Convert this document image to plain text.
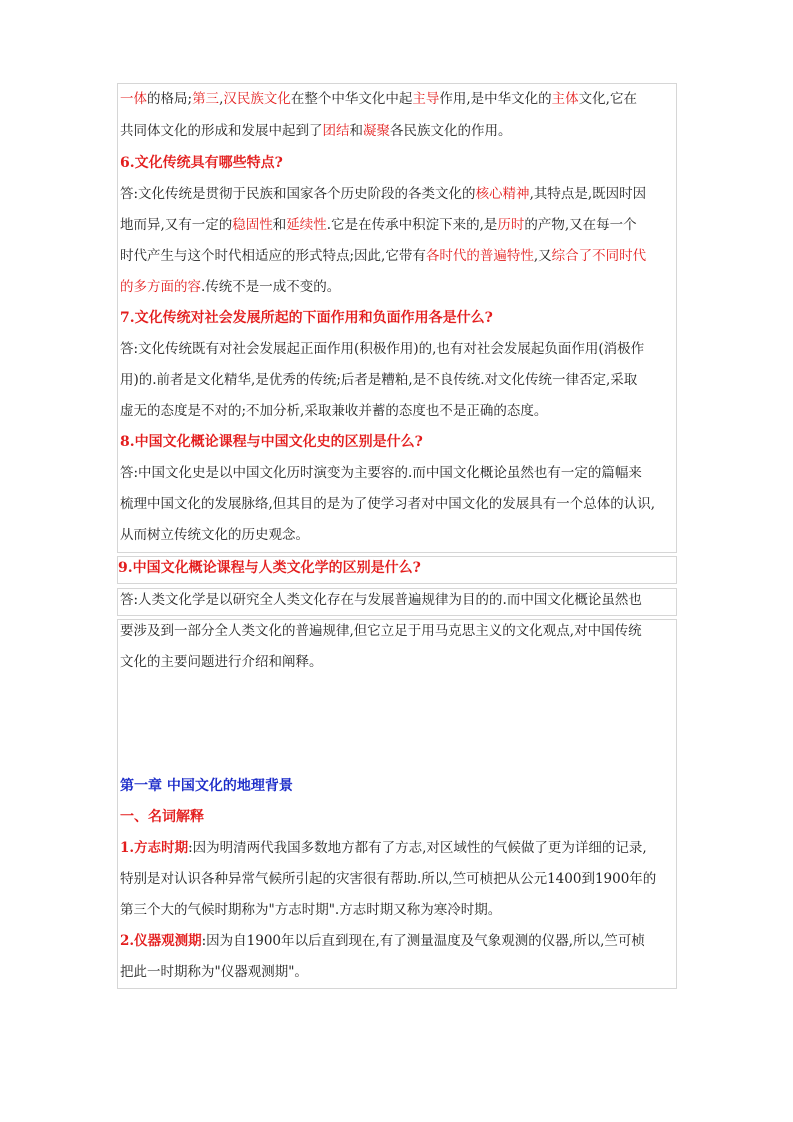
一体的格局;第三,汉民族文化在整个中华文化中起主导作用,是中华文化的主体文化,它在
共同体文化的形成和发展中起到了团结和凝聚各民族文化的作用。
6.文化传统具有哪些特点?
答:文化传统是贯彻于民族和国家各个历史阶段的各类文化的核心精神,其特点是,既因时因
地而异,又有一定的稳固性和延续性.它是在传承中积淀下来的,是历时的产物,又在每一个
时代产生与这个时代相适应的形式特点;因此,它带有各时代的普遍特性,又综合了不同时代
的多方面的容.传统不是一成不变的。
7.文化传统对社会发展所起的下面作用和负面作用各是什么?
答:文化传统既有对社会发展起正面作用(积极作用)的,也有对社会发展起负面作用(消极作
用)的.前者是文化精华,是优秀的传统;后者是糟粕,是不良传统.对文化传统一律否定,采取
虚无的态度是不对的;不加分析,采取兼收并蓄的态度也不是正确的态度。
8.中国文化概论课程与中国文化史的区别是什么?
答:中国文化史是以中国文化历时演变为主要容的.而中国文化概论虽然也有一定的篇幅来
梳理中国文化的发展脉络,但其目的是为了使学习者对中国文化的发展具有一个总体的认识,
从而树立传统文化的历史观念。
9.中国文化概论课程与人类文化学的区别是什么?
答:人类文化学是以研究全人类文化存在与发展普遍规律为目的的.而中国文化概论虽然也
要涉及到一部分全人类文化的普遍规律,但它立足于用马克思主义的文化观点,对中国传统
文化的主要问题进行介绍和阐释。
第一章 中国文化的地理背景
一、名词解释
1.方志时期:因为明清两代我国多数地方都有了方志,对区域性的气候做了更为详细的记录,
特别是对认识各种异常气候所引起的灾害很有帮助.所以,竺可桢把从公元1400到1900年的
第三个大的气候时期称为"方志时期".方志时期又称为寒冷时期。
2.仪器观测期:因为自1900年以后直到现在,有了测量温度及气象观测的仪器,所以,竺可桢
把此一时期称为"仪器观测期"。
